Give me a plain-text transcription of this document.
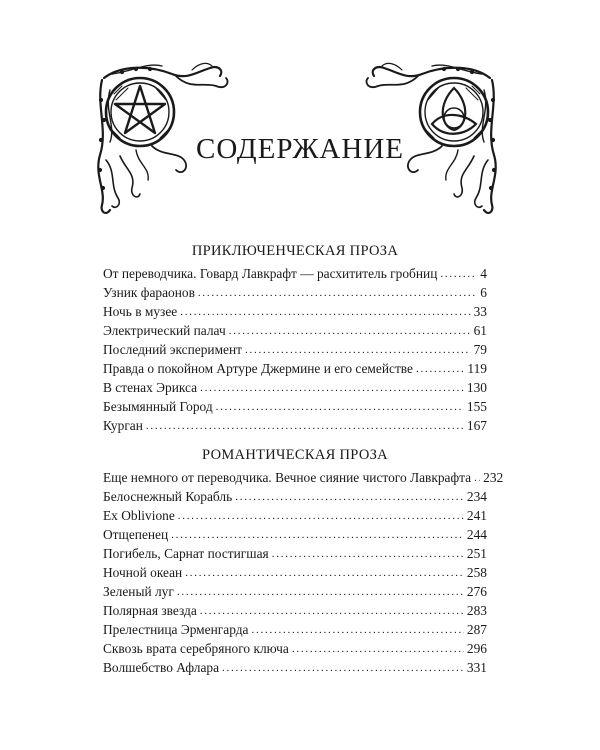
СОДЕРЖАНИЕ
ПРИКЛЮЧЕНЧЕСКАЯ ПРОЗА
От переводчика. Говард Лавкрафт — расхититель гробниц . . .	4
Узник фараонов . . .	6
Ночь в музее . . .	33
Электрический палач . . .	61
Последний эксперимент . . .	79
Правда о покойном Артуре Джермине и его семействе . . .	119
В стенах Эрикса . . .	130
Безымянный Город . . .	155
Курган . . .	167
РОМАНТИЧЕСКАЯ ПРОЗА
Еще немного от переводчика. Вечное сияние чистого Лавкрафта . . . 232
Белоснежный Корабль . . .	234
Ex Oblivione . . .	241
Отщепенец . . .	244
Погибель, Сарнат постигшая . . .	251
Ночной океан . . .	258
Зеленый луг . . .	276
Полярная звезда . . .	283
Прелестница Эрменгарда . . .	287
Сквозь врата серебряного ключа . . .	296
Волшебство Афлара . . .	331
